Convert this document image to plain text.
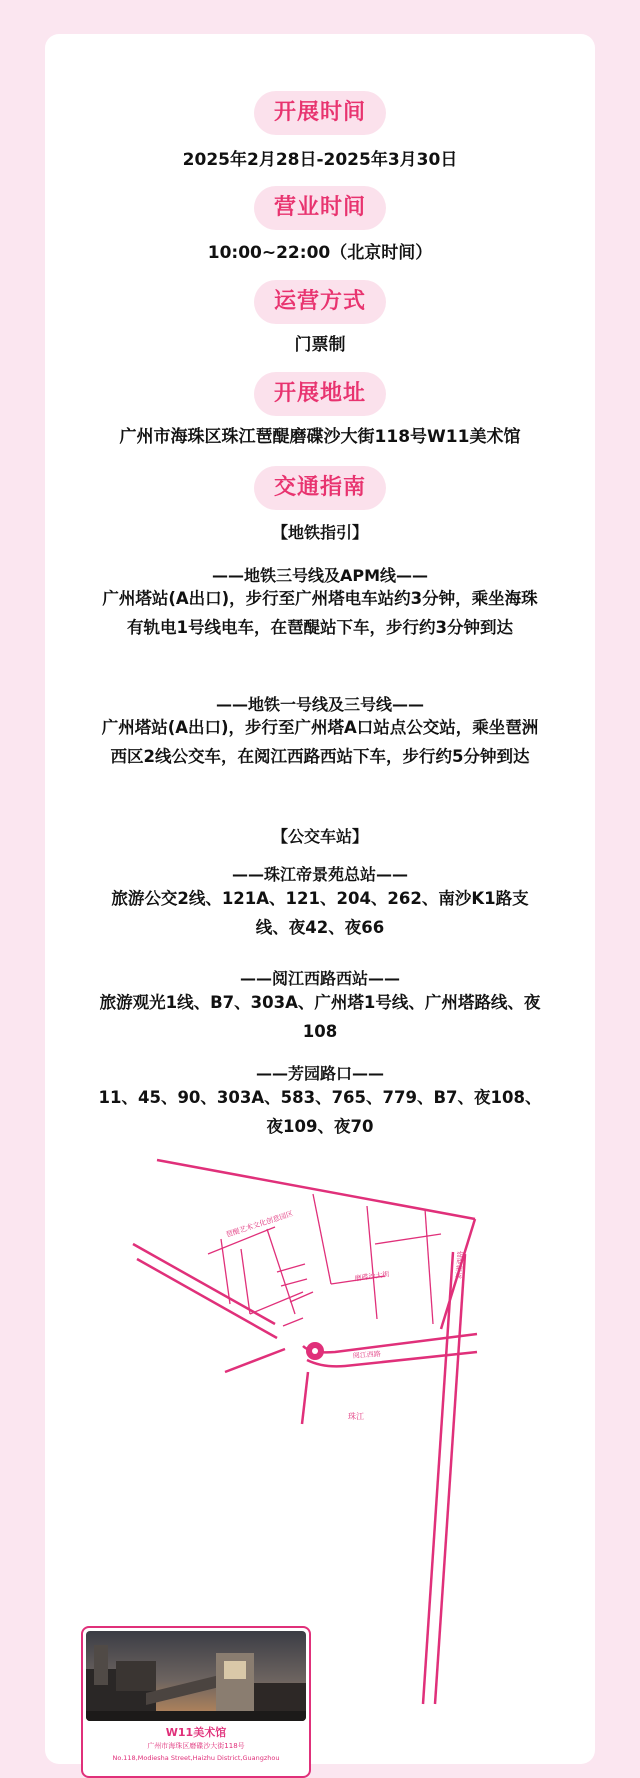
开展时间
2025年2月28日-2025年3月30日
营业时间
10:00~22:00（北京时间）
运营方式
门票制
开展地址
广州市海珠区珠江琶醍磨碟沙大街118号W11美术馆
交通指南
【地铁指引】
——地铁三号线及APM线——
广州塔站(A出口)，步行至广州塔电车站约3分钟，乘坐海珠有轨电1号线电车，在琶醍站下车，步行约3分钟到达
——地铁一号线及三号线——
广州塔站(A出口)，步行至广州塔A口站点公交站，乘坐琶洲西区2线公交车，在阅江西路西站下车，步行约5分钟到达
【公交车站】
——珠江帝景苑总站——
旅游公交2线、121A、121、204、262、南沙K1路支线、夜42、夜66
——阅江西路西站——
旅游观光1线、B7、303A、广州塔1号线、广州塔路线、夜108
——芳园路口——
11、45、90、303A、583、765、779、B7、夜108、夜109、夜70
琶醍艺术文化创意园区
磨碟沙大街
阅江西路
新港西路
珠江
W11美术馆
广州市海珠区磨碟沙大街118号
No.118,Modiesha Street,Haizhu District,Guangzhou
